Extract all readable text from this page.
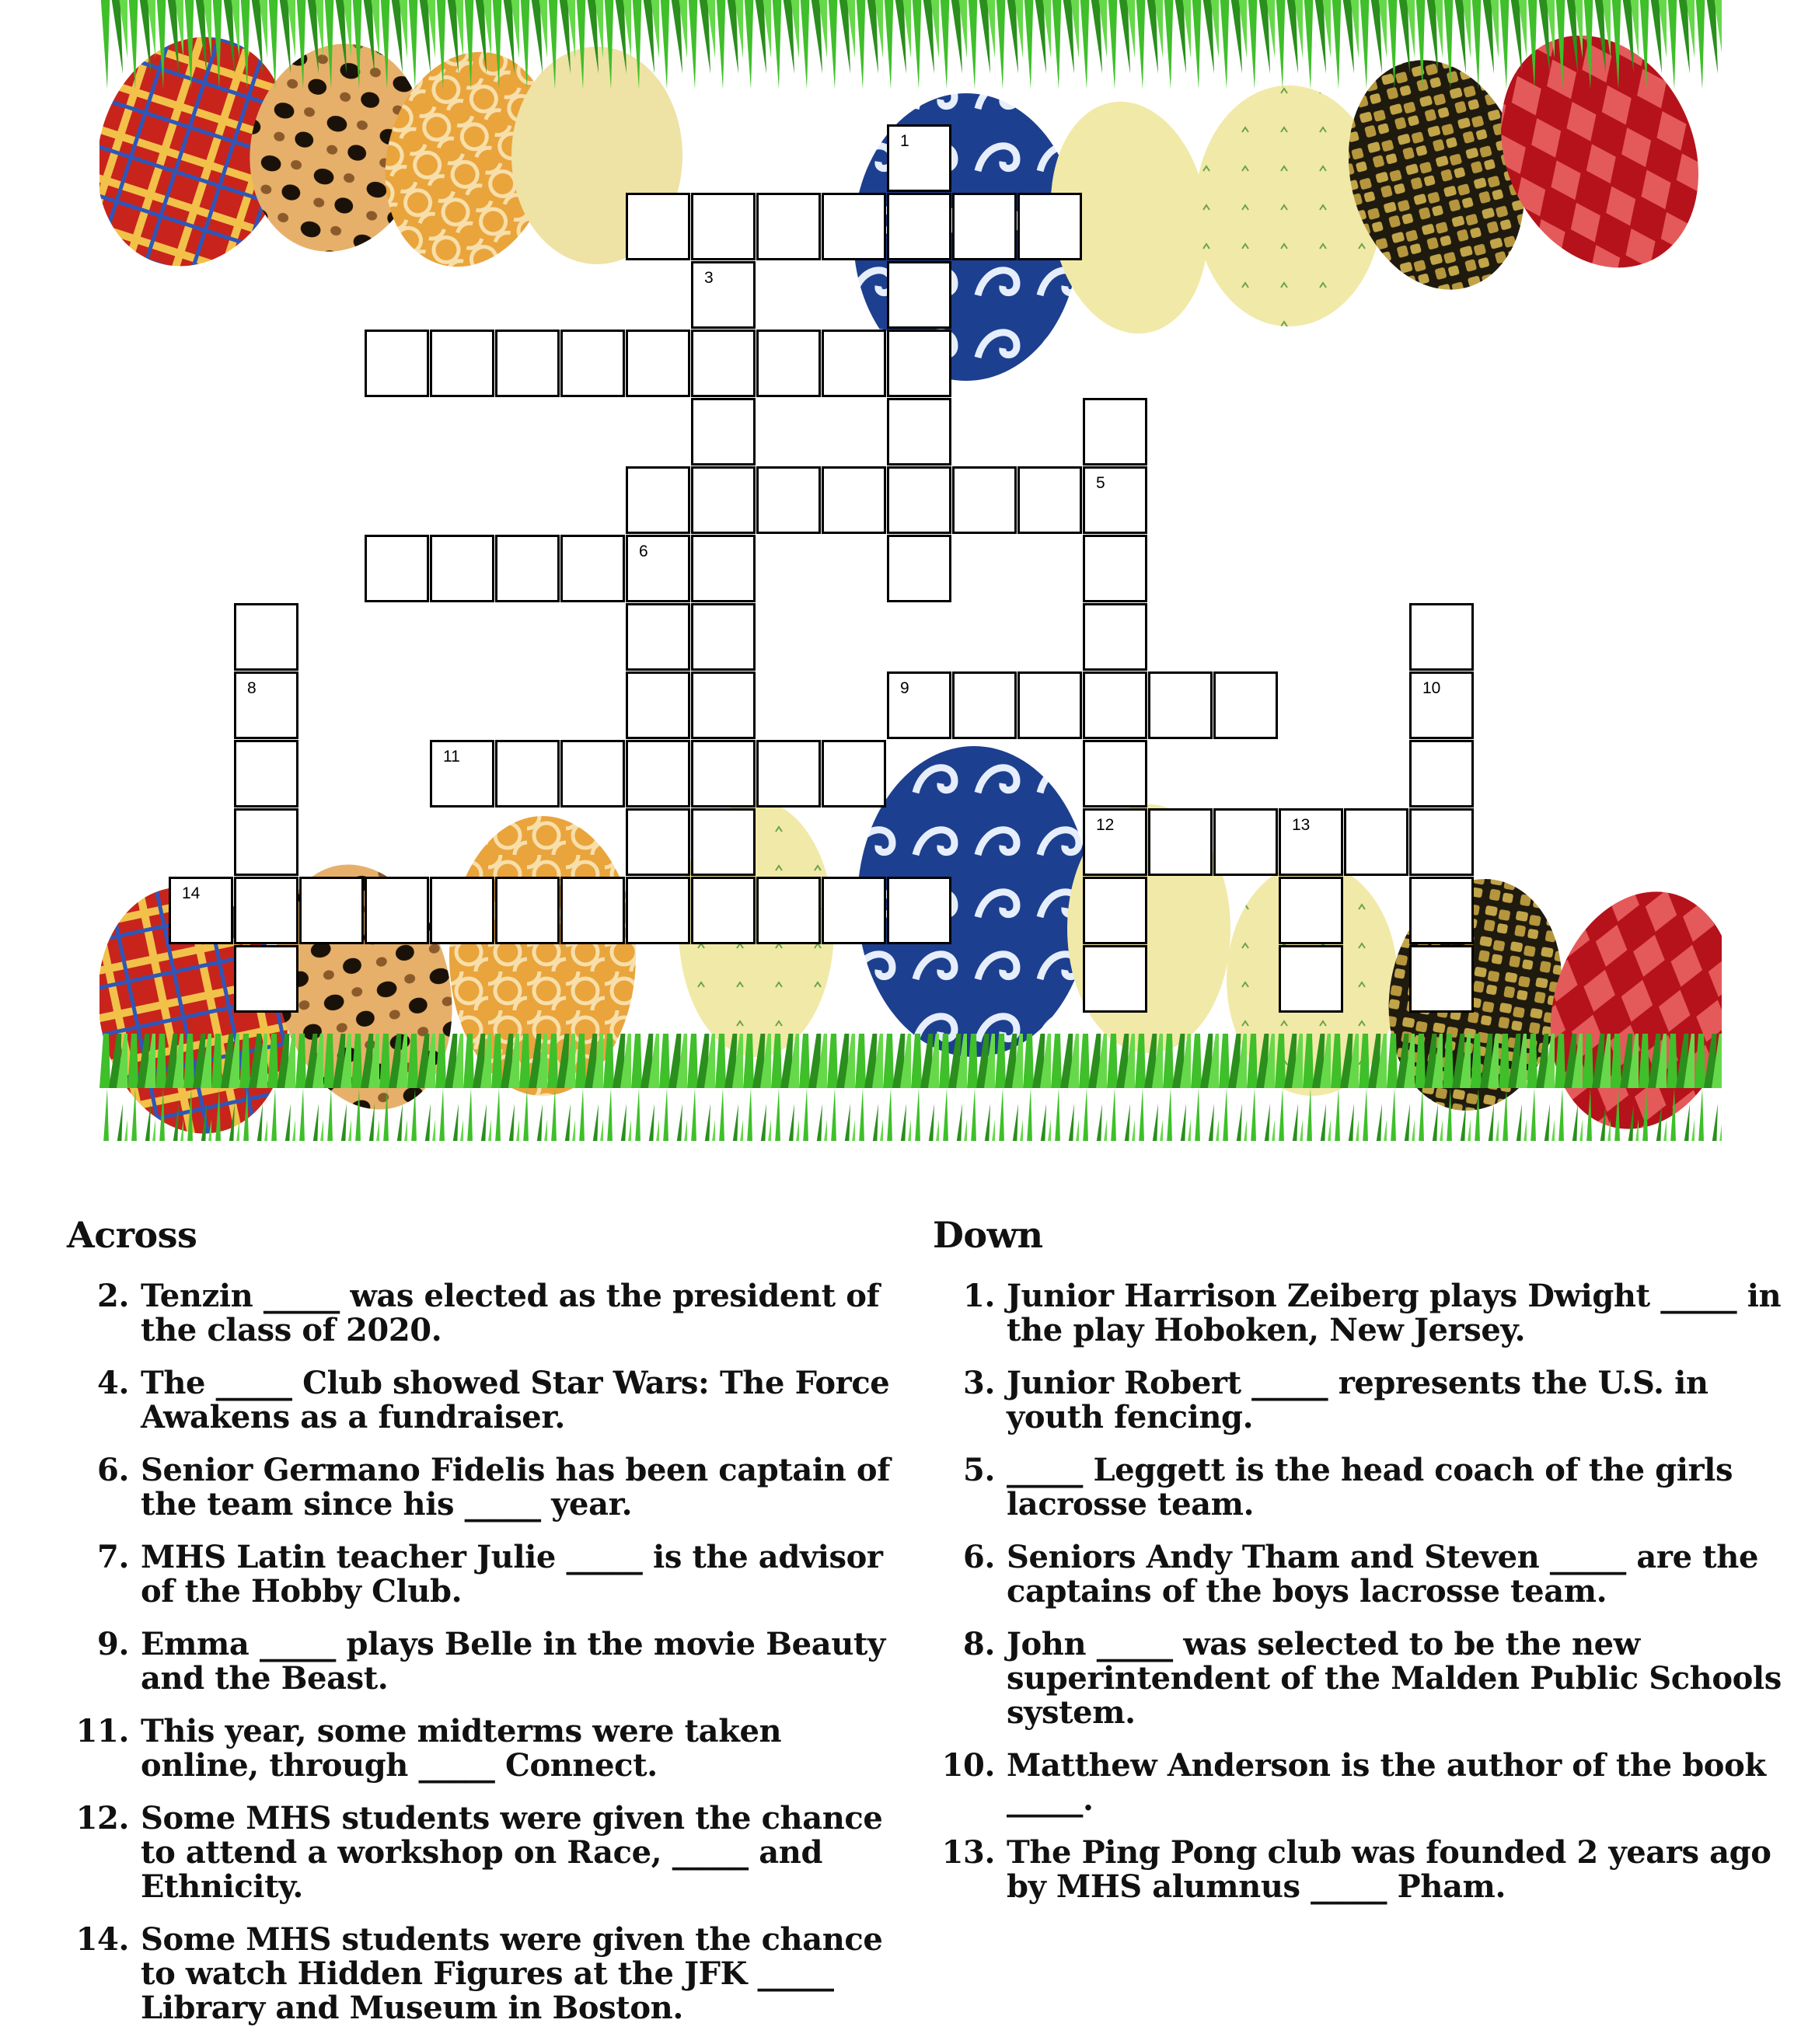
1
3
5
12
6
8	9	10
11
13
14
Across
2. Tenzin _____ was elected as the president of the class of 2020.
4. The _____ Club showed Star Wars: The Force Awakens as a fundraiser.
6. Senior Germano Fidelis has been captain of the team since his _____ year.
7. MHS Latin teacher Julie _____ is the advisor of the Hobby Club.
9. Emma _____ plays Belle in the movie Beauty and the Beast.
11. This year, some midterms were taken online, through _____ Connect.
12. Some MHS students were given the chance to attend a workshop on Race, _____ and Ethnicity.
14. Some MHS students were given the chance to watch Hidden Figures at the JFK _____ Library and Museum in Boston.
Down
1. Junior Harrison Zeiberg plays Dwight _____ in the play Hoboken, New Jersey.
3. Junior Robert _____ represents the U.S. in youth fencing.
5. _____ Leggett is the head coach of the girls lacrosse team.
6. Seniors Andy Tham and Steven _____ are the captains of the boys lacrosse team.
8. John _____ was selected to be the new superintendent of the Malden Public Schools system.
10. Matthew Anderson is the author of the book _____.
13. The Ping Pong club was founded 2 years ago by MHS alumnus _____ Pham.
